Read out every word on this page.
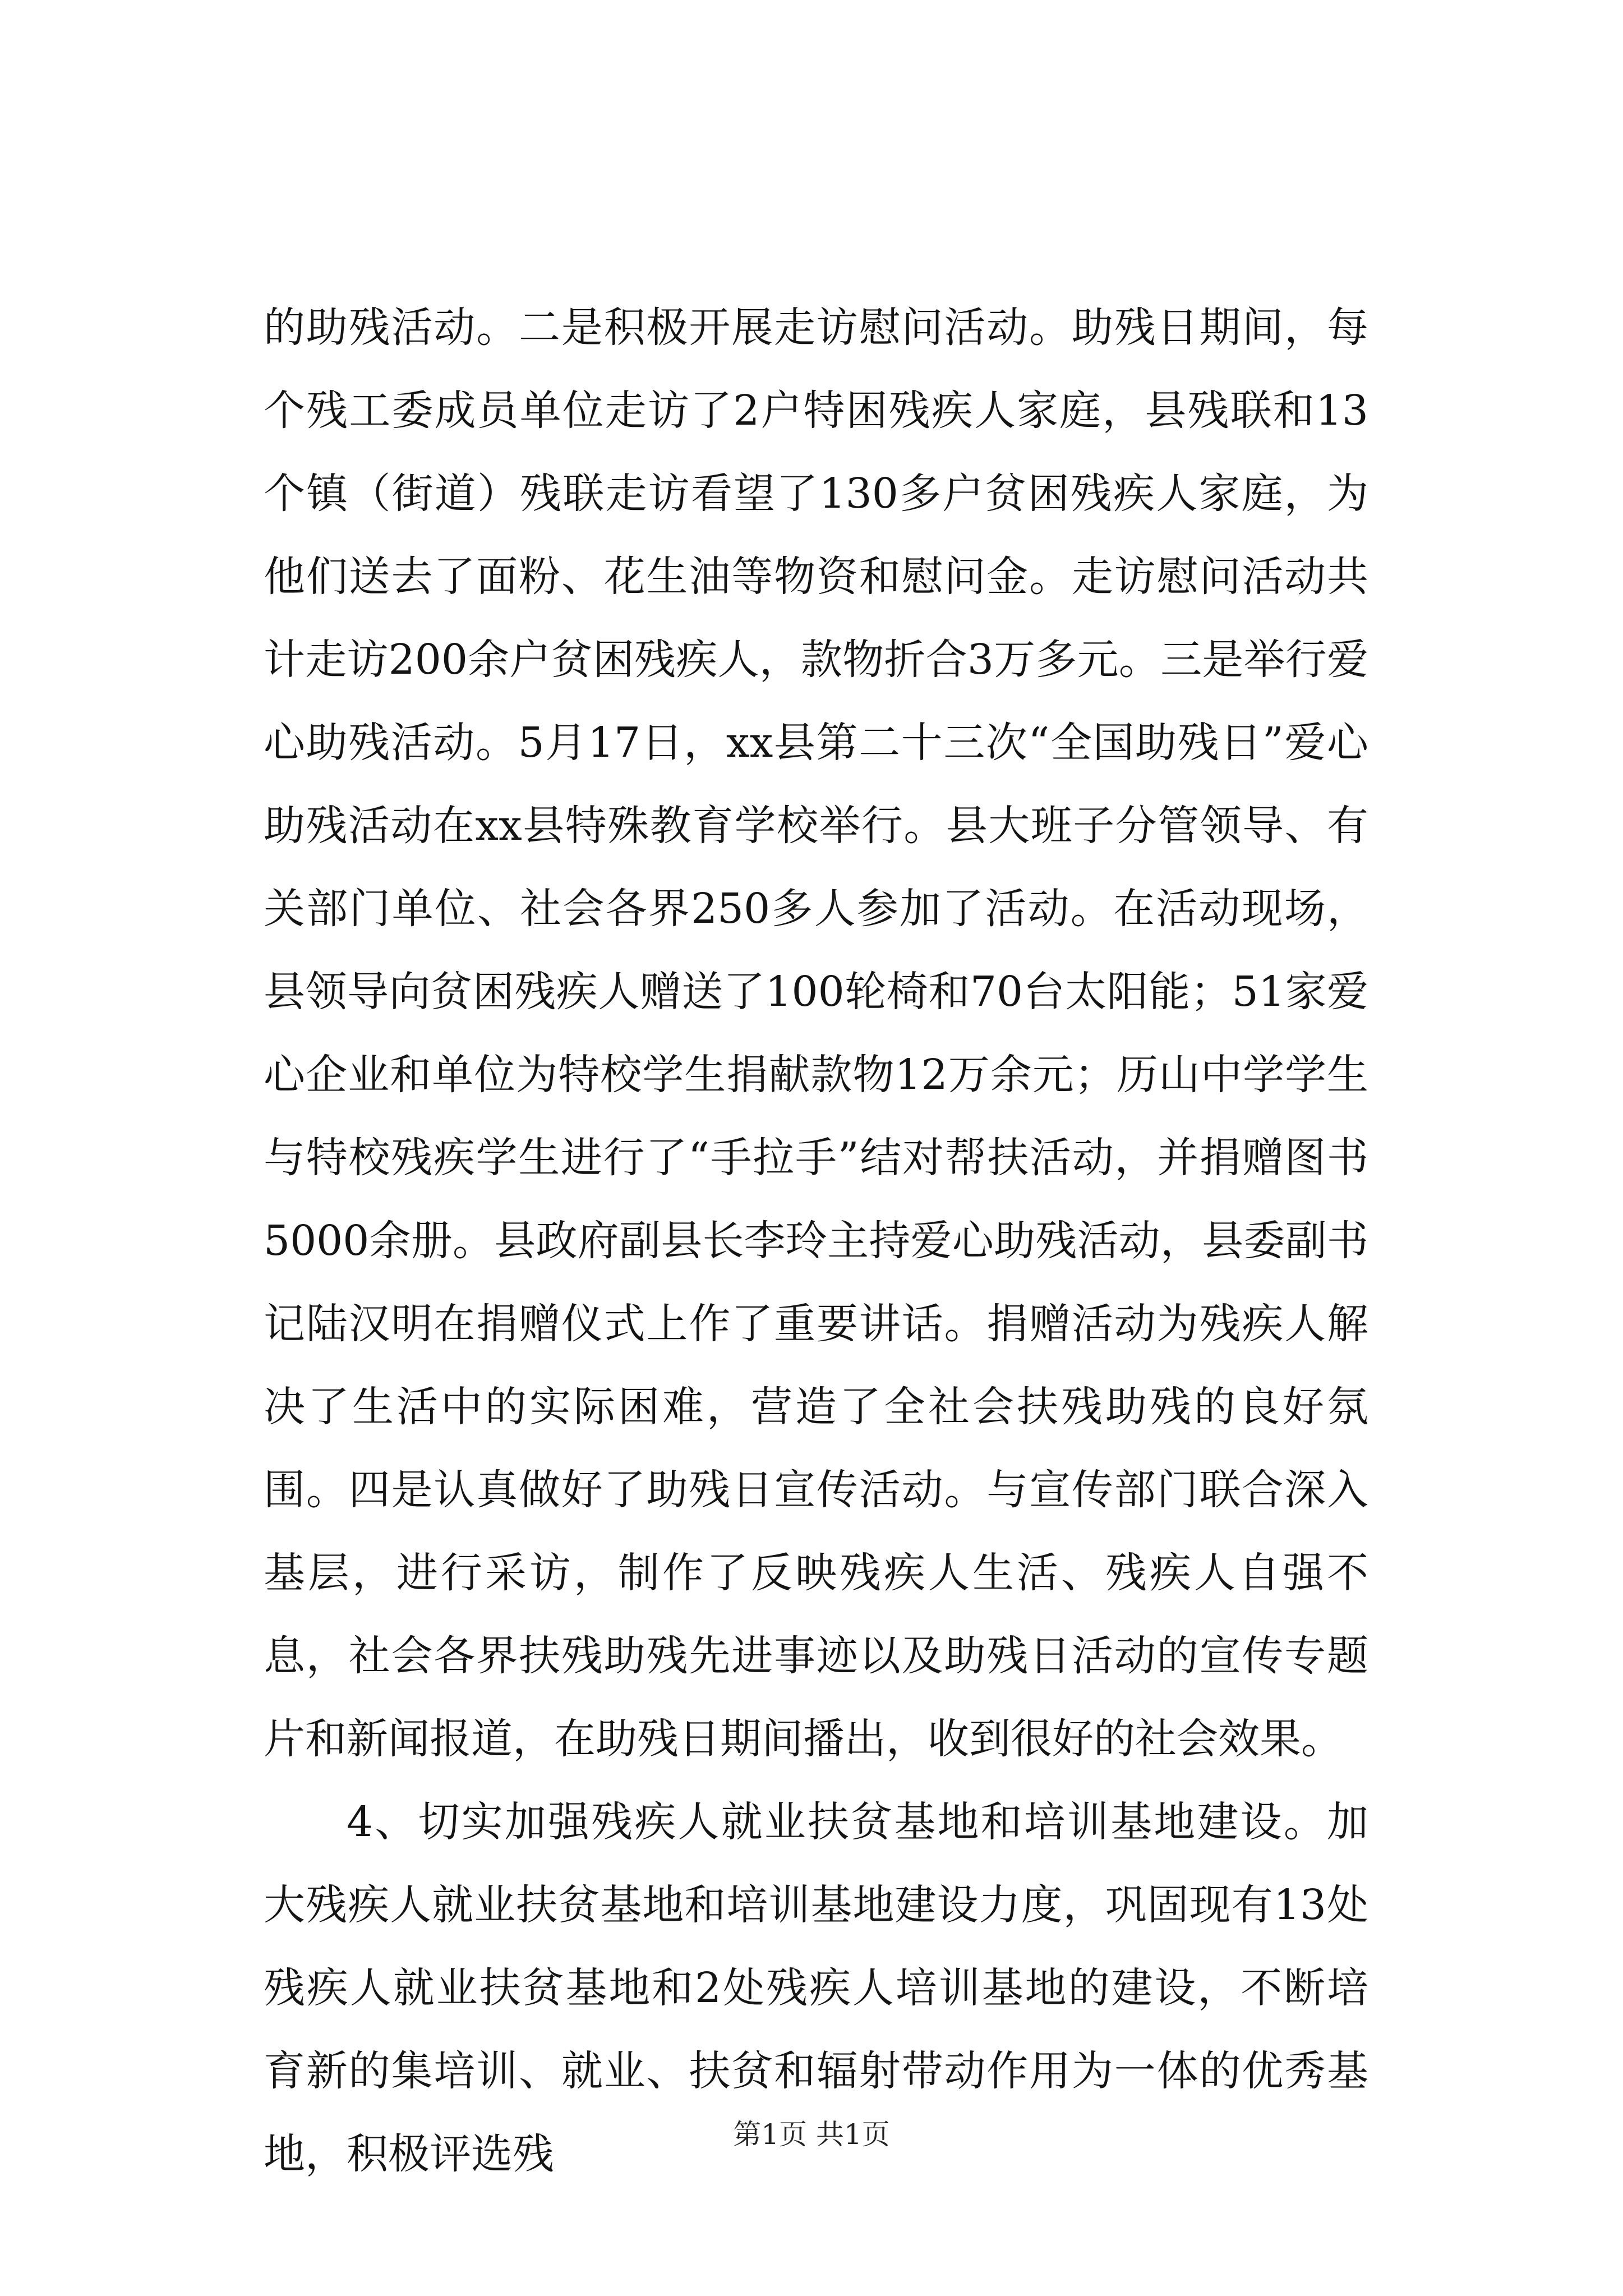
的助残活动。二是积极开展走访慰问活动。助残日期间，每个残工委成员单位走访了2户特困残疾人家庭，县残联和13个镇（街道）残联走访看望了130多户贫困残疾人家庭，为他们送去了面粉、花生油等物资和慰问金。走访慰问活动共计走访200余户贫困残疾人，款物折合3万多元。三是举行爱心助残活动。5月17日，xx县第二十三次“全国助残日”爱心助残活动在xx县特殊教育学校举行。县大班子分管领导、有关部门单位、社会各界250多人参加了活动。在活动现场，县领导向贫困残疾人赠送了100轮椅和70台太阳能；51家爱心企业和单位为特校学生捐献款物12万余元；历山中学学生与特校残疾学生进行了“手拉手”结对帮扶活动，并捐赠图书5000余册。县政府副县长李玲主持爱心助残活动，县委副书记陆汉明在捐赠仪式上作了重要讲话。捐赠活动为残疾人解决了生活中的实际困难，营造了全社会扶残助残的良好氛围。四是认真做好了助残日宣传活动。与宣传部门联合深入基层，进行采访，制作了反映残疾人生活、残疾人自强不息，社会各界扶残助残先进事迹以及助残日活动的宣传专题片和新闻报道，在助残日期间播出，收到很好的社会效果。

4、切实加强残疾人就业扶贫基地和培训基地建设。加大残疾人就业扶贫基地和培训基地建设力度，巩固现有13处残疾人就业扶贫基地和2处残疾人培训基地的建设，不断培育新的集培训、就业、扶贫和辐射带动作用为一体的优秀基地，积极评选残	第1页 共1页
